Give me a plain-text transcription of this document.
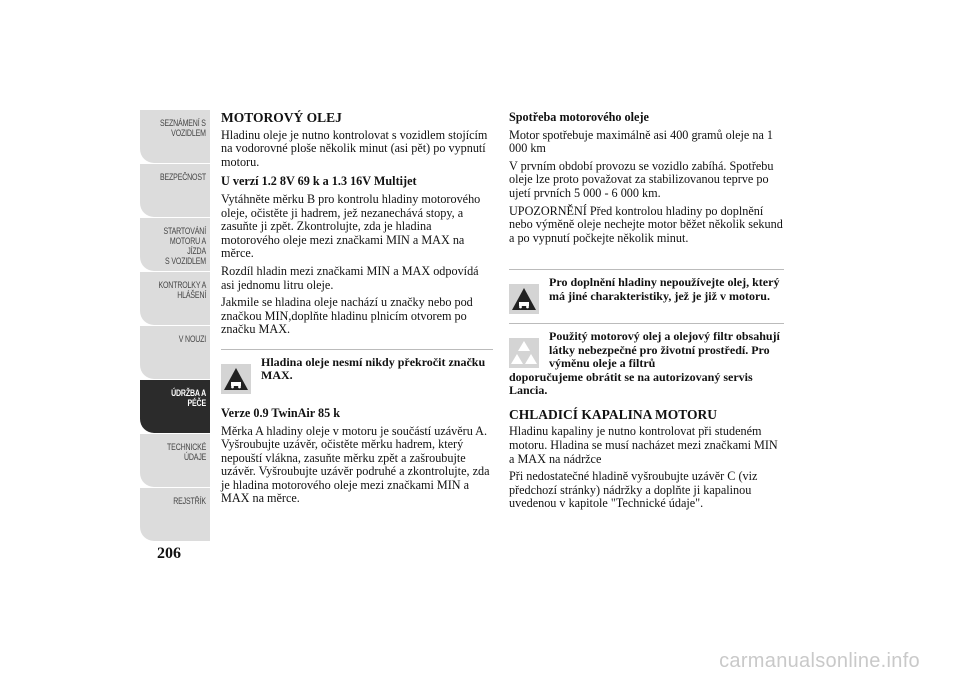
SEZNÁMENÍ S
VOZIDLEM
BEZPEČNOST
STARTOVÁNÍ
MOTORU A JÍZDA
S VOZIDLEM
KONTROLKY A
HLÁŠENÍ
V NOUZI
ÚDRŽBA A PÉČE
TECHNICKÉ
ÚDAJE
REJSTŘÍK
206
MOTOROVÝ OLEJ

Hladinu oleje je nutno kontrolovat s vozidlem stojícím na vodorovné ploše několik minut (asi pět) po vypnutí motoru.

U verzí 1.2 8V 69 k a 1.3 16V Multijet

Vytáhněte měrku B pro kontrolu hladiny motorového oleje, očistěte ji hadrem, jež nezanechává stopy, a zasuňte ji zpět. Zkontrolujte, zda je hladina motorového oleje mezi značkami MIN a MAX na měrce.

Rozdíl hladin mezi značkami MIN a MAX odpovídá asi jednomu litru oleje.

Jakmile se hladina oleje nachází u značky nebo pod značkou MIN,doplňte hladinu plnicím otvorem po značku MAX.

Hladina oleje nesmí nikdy překročit značku MAX.
Verze 0.9 TwinAir 85 k

Měrka A hladiny oleje v motoru je součástí uzávěru A. Vyšroubujte uzávěr, očistěte měrku hadrem, který nepouští vlákna, zasuňte měrku zpět a zašroubujte uzávěr. Vyšroubujte uzávěr podruhé a zkontrolujte, zda je hladina motorového oleje mezi značkami MIN a MAX na měrce.

Spotřeba motorového oleje

Motor spotřebuje maximálně asi 400 gramů oleje na 1 000 km

V prvním období provozu se vozidlo zabíhá. Spotřebu oleje lze proto považovat za stabilizovanou teprve po ujetí prvních 5 000 - 6 000 km.

UPOZORNĚNÍ Před kontrolou hladiny po doplnění nebo výměně oleje nechejte motor běžet několik sekund a po vypnutí počkejte několik minut.

Pro doplnění hladiny nepoužívejte olej, který má jiné charakteristiky, jež je již v motoru.
Použitý motorový olej a olejový filtr obsahují látky nebezpečné pro životní prostředí. Pro výměnu oleje a filtrů
doporučujeme obrátit se na autorizovaný servis Lancia.
CHLADICÍ KAPALINA MOTORU

Hladinu kapaliny je nutno kontrolovat při studeném motoru. Hladina se musí nacházet mezi značkami MIN a MAX na nádržce

Při nedostatečné hladině vyšroubujte uzávěr C (viz předchozí stránky) nádržky a doplňte ji kapalinou uvedenou v kapitole "Technické údaje".

carmanualsonline.info
